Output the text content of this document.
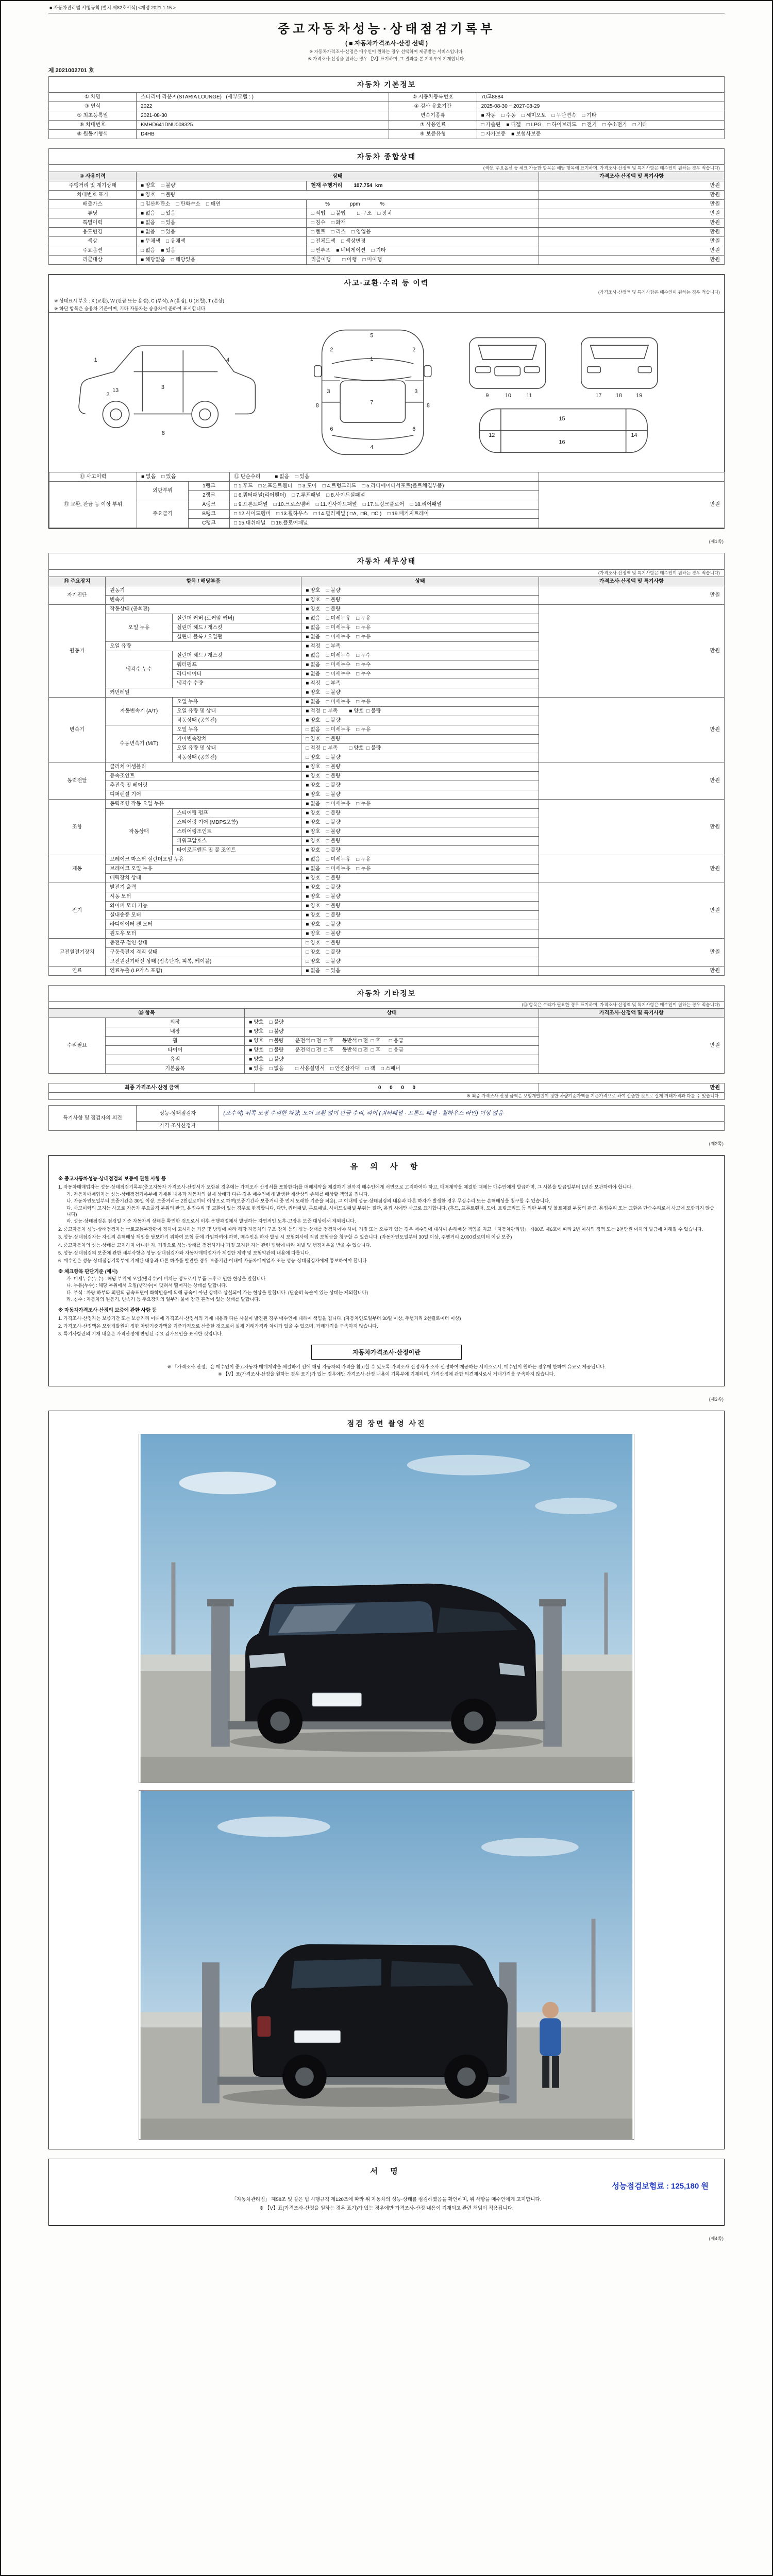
■ 자동차관리법 시행규칙 [별지 제82호서식] <개정 2021.1.15.>
중고자동차성능·상태점검기록부
( ■ 자동차가격조사·산정 선택 )
※ 자동차가격조사·산정은 매수인이 원하는 경우 선택하여 제공받는 서비스입니다.
※ 가격조사·산정을 원하는 경우 【V】표기하며, 그 결과를 본 기록부에 기재합니다.
제 2021002701 호
자동차 기본정보			
① 차명	스타리아 라운지(STARIA LOUNGE)   (세부모델 : )	② 자동차등록번호	70고8884
③ 연식	2022	④ 검사 유효기간	2025-08-30 ~ 2027-08-29
⑤ 최초등록일	2021-08-30	변속기종류	■ 자동    □ 수동    □ 세미오토    □ 무단변속    □ 기타
⑥ 차대번호	KMHD641DNU008325	⑦ 사용연료	□ 가솔린    ■ 디젤    □ LPG    □ 하이브리드    □ 전기    □ 수소전기    □ 기타
⑧ 원동기형식	D4HB	⑨ 보증유형	□ 자가보증    ■ 보험사보증
자동차 종합상태			
(색상, 주요옵션 등 체크 가능한 항목은 해당 항목에 표기하며, 가격조사·산정액 및 특기사항은 매수인이 원하는 경우 적습니다)			
⑩ 사용이력	상태		가격조사·산정액 및 특기사항
주행거리 및 계기상태	■ 양호    □ 불량	현재 주행거리        107,754  km	만원
차대번호 표기	■ 양호    □ 불량		만원
배출가스	□ 일산화탄소    □ 탄화수소    □ 매연	%              ppm              %	만원
튜닝	■ 없음    □ 있음	□ 적법    □ 불법        □ 구조    □ 장치	만원
특별이력	■ 없음    □ 있음	□ 침수    □ 화재	만원
용도변경	■ 없음    □ 있음	□ 렌트    □ 리스    □ 영업용	만원
색상	■ 무채색    □ 유채색	□ 전체도색    □ 색상변경	만원
주요옵션	□ 없음    ■ 있음	□ 썬루프    ■ 네비게이션    □ 기타	만원
리콜대상	■ 해당없음    □ 해당있음	리콜이행        □ 이행    □ 미이행	만원
사고·교환·수리 등 이력
(가격조사·산정액 및 특기사항은 매수인이 원하는 경우 적습니다)
※ 상태표시 부호 : X (교환), W (판금 또는 용접), C (부식), A (흠집), U (요철), T (손상)
※ 하단 항목은 승용차 기준이며, 기타 자동차는 승용차에 준하여 표시합니다.
1
2
3
4
8
13
5
1
7
4
2	2
3	3
6	6
8	8
9	10	11	17 18 19
12
15
16
14
⑪ 사고이력	■ 없음    □ 있음		⑫ 단순수리          ■ 없음    □ 있음	
⑬ 교환, 판금 등 이상 부위	외판부위	1랭크	□ 1.후드    □ 2.프론트휀더    □ 3.도어    □ 4.트렁크리드    □ 5.라디에이터서포트(볼트체결부품)	만원
		2랭크	□ 6.쿼터패널(리어휀더)    □ 7.루프패널    □ 8.사이드실패널	
	주요골격	A랭크	□ 9.프론트패널    □ 10.크로스멤버    □ 11.인사이드패널    □ 17.트렁크플로어    □ 18.리어패널	
		B랭크	□ 12.사이드멤버    □ 13.휠하우스    □ 14.필러패널 ( □A,  □B,  □C )    □ 19.패키지트레이	
		C랭크	□ 15.대쉬패널    □ 16.플로어패널	
(제1쪽)
자동차 세부상태				
(가격조사·산정액 및 특기사항은 매수인이 원하는 경우 적습니다)				
⑭ 주요장치	항목 / 해당부품		상태	가격조사·산정액 및 특기사항
자기진단	원동기		■ 양호    □ 불량	만원
	변속기		■ 양호    □ 불량	
원동기	작동상태 (공회전)		■ 양호    □ 불량	만원
	오일 누유	실린더 커버 (로커암 커버)	■ 없음    □ 미세누유    □ 누유	
		실린더 헤드 / 개스킷	■ 없음    □ 미세누유    □ 누유	
		실린더 블록 / 오일팬	■ 없음    □ 미세누유    □ 누유	
	오일 유량		■ 적정    □ 부족	
	냉각수 누수	실린더 헤드 / 개스킷	■ 없음    □ 미세누수    □ 누수	
		워터펌프	■ 없음    □ 미세누수    □ 누수	
		라디에이터	■ 없음    □ 미세누수    □ 누수	
		냉각수 수량	■ 적정    □ 부족	
	커먼레일		■ 양호    □ 불량	
변속기	자동변속기 (A/T)	오일 누유	■ 없음    □ 미세누유    □ 누유	만원
		오일 유량 및 상태	■ 적정  □ 부족        ■ 양호  □ 불량	
		작동상태 (공회전)	■ 양호    □ 불량	
	수동변속기 (M/T)	오일 누유	□ 없음    □ 미세누유    □ 누유	
		기어변속장치	□ 양호    □ 불량	
		오일 유량 및 상태	□ 적정  □ 부족        □ 양호  □ 불량	
		작동상태 (공회전)	□ 양호    □ 불량	
동력전달	클러치 어셈블리		■ 양호    □ 불량	만원
	등속조인트		■ 양호    □ 불량	
	추진축 및 베어링		■ 양호    □ 불량	
	디퍼렌셜 기어		■ 양호    □ 불량	
조향	동력조향 작동 오일 누유		■ 없음    □ 미세누유    □ 누유	만원
	작동상태	스티어링 펌프	■ 양호    □ 불량	
		스티어링 기어 (MDPS포함)	■ 양호    □ 불량	
		스티어링조인트	■ 양호    □ 불량	
		파워고압호스	■ 양호    □ 불량	
		타이로드엔드 및 볼 조인트	■ 양호    □ 불량	
제동	브레이크 마스터 실린더오일 누유		■ 없음    □ 미세누유    □ 누유	만원
	브레이크 오일 누유		■ 없음    □ 미세누유    □ 누유	
	배력장치 상태		■ 양호    □ 불량	
전기	발전기 출력		■ 양호    □ 불량	만원
	시동 모터		■ 양호    □ 불량	
	와이퍼 모터 기능		■ 양호    □ 불량	
	실내송풍 모터		■ 양호    □ 불량	
	라디에이터 팬 모터		■ 양호    □ 불량	
	윈도우 모터		■ 양호    □ 불량	
고전원전기장치	충전구 절연 상태		□ 양호    □ 불량	만원
	구동축전지 격리 상태		□ 양호    □ 불량	
	고전원전기배선 상태 (접속단자, 피복, 케이블)		□ 양호    □ 불량	
연료	연료누출 (LP가스 포함)		■ 없음    □ 있음	만원
자동차 기타정보			
(⑮ 항목은 수리가 필요한 경우 표기하며, 가격조사·산정액 및 특기사항은 매수인이 원하는 경우 적습니다)			
⑮ 항목		상태	가격조사·산정액 및 특기사항
수리필요	외장	■ 양호    □ 불량	만원
	내장	■ 양호    □ 불량	
	휠	■ 양호    □ 불량        운전석 □ 전  □ 후      동반석 □ 전  □ 후      □ 응급	
	타이어	■ 양호    □ 불량        운전석 □ 전  □ 후      동반석 □ 전  □ 후      □ 응급	
	유리	■ 양호    □ 불량	
	기본품목	■ 있음    □ 없음        □ 사용설명서    □ 안전삼각대    □ 잭    □ 스패너	
최종 가격조사·산정 금액	0      0      0      0	만원
※ 최종 가격조사·산정 금액은 보험개발원이 정한 차량기준가액을 기준가격으로 하여 산출한 것으로 실제 거래가격과 다를 수 있습니다.
특기사항 및 점검자의 의견	성능·상태점검자	(조수석) 뒤쪽 도장 수리한 차량, 도어 교환 없이 판금 수리, 리어 (쿼터패널 · 프론트 패널 · 휠하우스 라인) 이상 없음
	가격·조사산정자	
(제2쪽)
유 의 사 항
※ 중고자동차성능·상태점검의 보증에 관한 사항 등
1. 자동차매매업자는 성능·상태점검기록부(중고자동차 가격조사·산정서가 포함된 경우에는 가격조사·산정서를 포함한다)를 매매계약을 체결하기 전까지 매수인에게 서면으로 고지하여야 하고, 매매계약을 체결한 때에는 매수인에게 발급하며, 그 사본을 발급일부터 1년간 보관하여야 합니다.
가. 자동차매매업자는 성능·상태점검기록부에 기재된 내용과 자동차의 실제 상태가 다른 경우 매수인에게 발생한 재산상의 손해를 배상할 책임을 집니다.
나. 자동차인도일부터 보증기간은 30일 이상, 보증거리는 2천킬로미터 이상으로 하며(보증기간과 보증거리 중 먼저 도래한 기준을 적용), 그 이내에 성능·상태점검의 내용과 다른 하자가 발생한 경우 무상수리 또는 손해배상을 청구할 수 있습니다.
다. 사고이력의 고지는 사고로 자동차 주요골격 부위의 판금, 용접수리 및 교환이 있는 경우로 한정합니다. 다만, 쿼터패널, 루프패널, 사이드실패널 부위는 절단, 용접 시에만 사고로 표기합니다. (후드, 프론트휀더, 도어, 트렁크리드 등 외판 부위 및 볼트체결 부품의 판금, 용접수리 또는 교환은 단순수리로서 사고에 포함되지 않습니다)
라. 성능·상태점검은 점검일 기준 자동차의 상태를 확인한 것으로서 이후 운행과정에서 발생하는 자연적인 노후·고장은 보증 대상에서 제외됩니다.
2. 중고자동차 성능·상태점검자는 국토교통부장관이 정하여 고시하는 기준 및 방법에 따라 해당 자동차의 구조·장치 등의 성능·상태를 점검하여야 하며, 거짓 또는 오류가 있는 경우 매수인에 대하여 손해배상 책임을 지고 「자동차관리법」 제80조 제6호에 따라 2년 이하의 징역 또는 2천만원 이하의 벌금에 처해질 수 있습니다.
3. 성능·상태점검자는 자신의 손해배상 책임을 담보하기 위하여 보험 등에 가입하여야 하며, 매수인은 하자 발생 시 보험회사에 직접 보험금을 청구할 수 있습니다. (자동차인도일부터 30일 이상, 주행거리 2,000킬로미터 이상 보증)
4. 중고자동차의 성능·상태를 고지하지 아니한 자, 거짓으로 성능·상태를 점검하거나 거짓 고지한 자는 관련 법령에 따라 처벌 및 행정처분을 받을 수 있습니다.
5. 성능·상태점검의 보증에 관한 세부사항은 성능·상태점검자와 자동차매매업자가 체결한 계약 및 보험약관의 내용에 따릅니다.
6. 매수인은 성능·상태점검기록부에 기재된 내용과 다른 하자를 발견한 경우 보증기간 이내에 자동차매매업자 또는 성능·상태점검자에게 통보하여야 합니다.
※ 체크항목 판단기준 (예시)
가. 미세누유(누수) : 해당 부위에 오일(냉각수)이 비치는 정도로서 부품 노후로 인한 현상을 말합니다.
나. 누유(누수) : 해당 부위에서 오일(냉각수)이 맺혀서 떨어지는 상태를 말합니다.
다. 부식 : 차량 하부와 외판의 금속표면이 화학반응에 의해 금속이 아닌 상태로 상실되어 가는 현상을 말합니다. (단순히 녹슬어 있는 상태는 제외합니다)
라. 침수 : 자동차의 원동기, 변속기 등 주요장치의 일부가 물에 잠긴 흔적이 있는 상태를 말합니다.
※ 자동차가격조사·산정의 보증에 관한 사항 등
1. 가격조사·산정자는 보증기간 또는 보증거리 이내에 가격조사·산정서의 기재 내용과 다른 사실이 발견된 경우 매수인에 대하여 책임을 집니다. (자동차인도일부터 30일 이상, 주행거리 2천킬로미터 이상)
2. 가격조사·산정액은 보험개발원이 정한 차량기준가액을 기준가격으로 산출한 것으로서 실제 거래가격과 차이가 있을 수 있으며, 거래가격을 구속하지 않습니다.
3. 특기사항란의 기재 내용은 가격산정에 반영된 주요 감가요인을 표시한 것입니다.
자동차가격조사·산정이란
※ 「가격조사·산정」은 매수인이 중고자동차 매매계약을 체결하기 전에 해당 자동차의 가격을 참고할 수 있도록 가격조사·산정자가 조사·산정하여 제공하는 서비스로서, 매수인이 원하는 경우에 한하여 유료로 제공됩니다.
※ 【V】표(가격조사·산정을 원하는 경우 표기)가 있는 경우에만 가격조사·산정 내용이 기록부에 기재되며, 가격산정에 관한 의견제시로서 거래가격을 구속하지 않습니다.
(제3쪽)
점검 장면 촬영 사진
서 명
성능점검보험료 : 125,180 원
「자동차관리법」 제58조 및 같은 법 시행규칙 제120조에 따라 위 자동차의 성능·상태를 점검하였음을 확인하며, 위 사항을 매수인에게 고지합니다.
※ 【V】표(가격조사·산정을 원하는 경우 표기)가 있는 경우에만 가격조사·산정 내용이 기재되고 관련 책임이 적용됩니다.
(제4쪽)
